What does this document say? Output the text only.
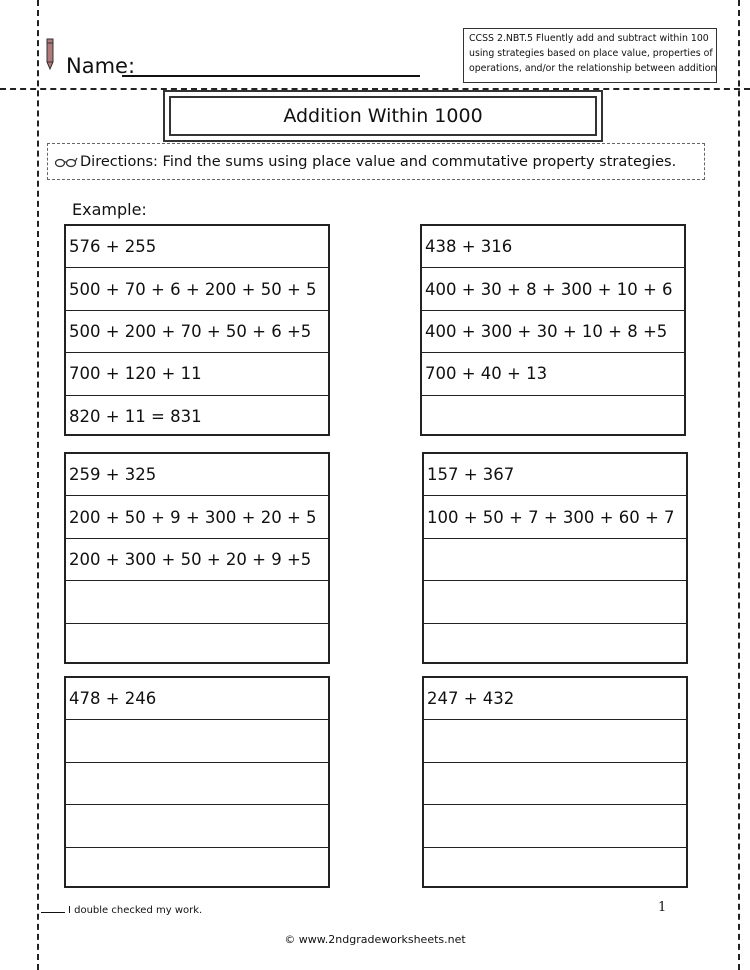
Name:
CCSS 2.NBT.5 Fluently add and subtract within 100
using strategies based on place value, properties of
operations, and/or the relationship between addition
Addition Within 1000
Directions: Find the sums using place value and commutative property strategies.
Example:
576 + 255
500 + 70 + 6 + 200 + 50 + 5
500 + 200 + 70 + 50 + 6 +5
700 + 120 + 11
820 + 11 = 831
438 + 316
400 + 30 + 8 + 300 + 10 + 6
400 + 300 + 30 + 10 + 8 +5
700 + 40 + 13
259 + 325
200 + 50 + 9 + 300 + 20 + 5
200 + 300 + 50 + 20 + 9 +5
157 + 367
100 + 50 + 7 + 300 + 60 + 7
478 + 246	247 + 432
I double checked my work.	1
© www.2ndgradeworksheets.net
